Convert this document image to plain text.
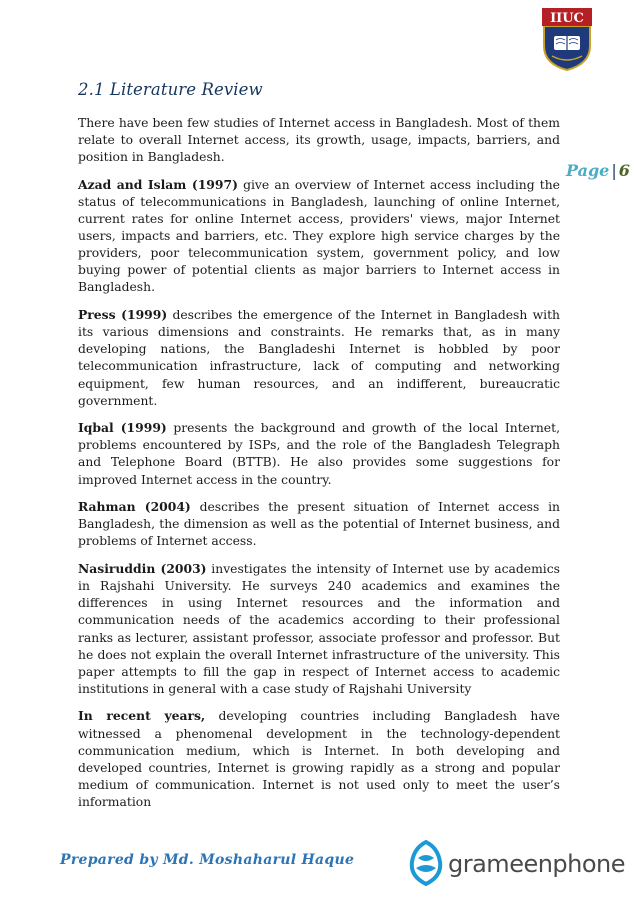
IIUC
2.1 Literature Review
Page | 6

There have been few studies of Internet access in Bangladesh. Most of them relate to overall Internet access, its growth, usage, impacts, barriers, and position in Bangladesh.

Azad and Islam (1997) give an overview of Internet access including the status of telecommunications in Bangladesh, launching of online Internet, current rates for online Internet access, providers' views, major Internet users, impacts and barriers, etc. They explore high service charges by the providers, poor telecommunication system, government policy, and low buying power of potential clients as major barriers to Internet access in Bangladesh.

Press (1999) describes the emergence of the Internet in Bangladesh with its various dimensions and constraints. He remarks that, as in many developing nations, the Bangladeshi Internet is hobbled by poor telecommunication infrastructure, lack of computing and networking equipment, few human resources, and an indifferent, bureaucratic government.

Iqbal (1999) presents the background and growth of the local Internet, problems encountered by ISPs, and the role of the Bangladesh Telegraph and Telephone Board (BTTB). He also provides some suggestions for improved Internet access in the country.

Rahman (2004) describes the present situation of Internet access in Bangladesh, the dimension as well as the potential of Internet business, and problems of Internet access.

Nasiruddin (2003) investigates the intensity of Internet use by academics in Rajshahi University. He surveys 240 academics and examines the differences in using Internet resources and the information and communication needs of the academics according to their professional ranks as lecturer, assistant professor, associate professor and professor. But he does not explain the overall Internet infrastructure of the university. This paper attempts to fill the gap in respect of Internet access to academic institutions in general with a case study of Rajshahi University

In recent years, developing countries including Bangladesh have witnessed a phenomenal development in the technology-dependent communication medium, which is Internet. In both developing and developed countries, Internet is growing rapidly as a strong and popular medium of communication. Internet is not used only to meet the user’s information

Prepared by Md. Moshaharul Haque	grameenphone
